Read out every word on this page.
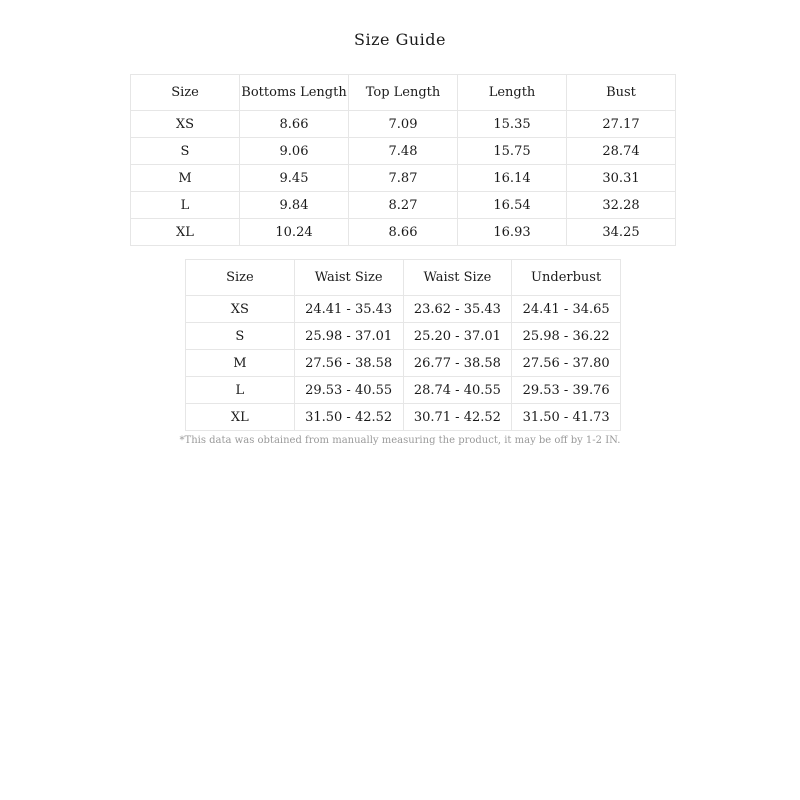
Size Guide
Size	Bottoms Length	Top Length	Length	Bust
XS	8.66	7.09	15.35	27.17
S	9.06	7.48	15.75	28.74
M	9.45	7.87	16.14	30.31
L	9.84	8.27	16.54	32.28
XL	10.24	8.66	16.93	34.25
Size	Waist Size	Waist Size	Underbust
XS	24.41 - 35.43	23.62 - 35.43	24.41 - 34.65
S	25.98 - 37.01	25.20 - 37.01	25.98 - 36.22
M	27.56 - 38.58	26.77 - 38.58	27.56 - 37.80
L	29.53 - 40.55	28.74 - 40.55	29.53 - 39.76
XL	31.50 - 42.52	30.71 - 42.52	31.50 - 41.73
*This data was obtained from manually measuring the product, it may be off by 1-2 IN.
